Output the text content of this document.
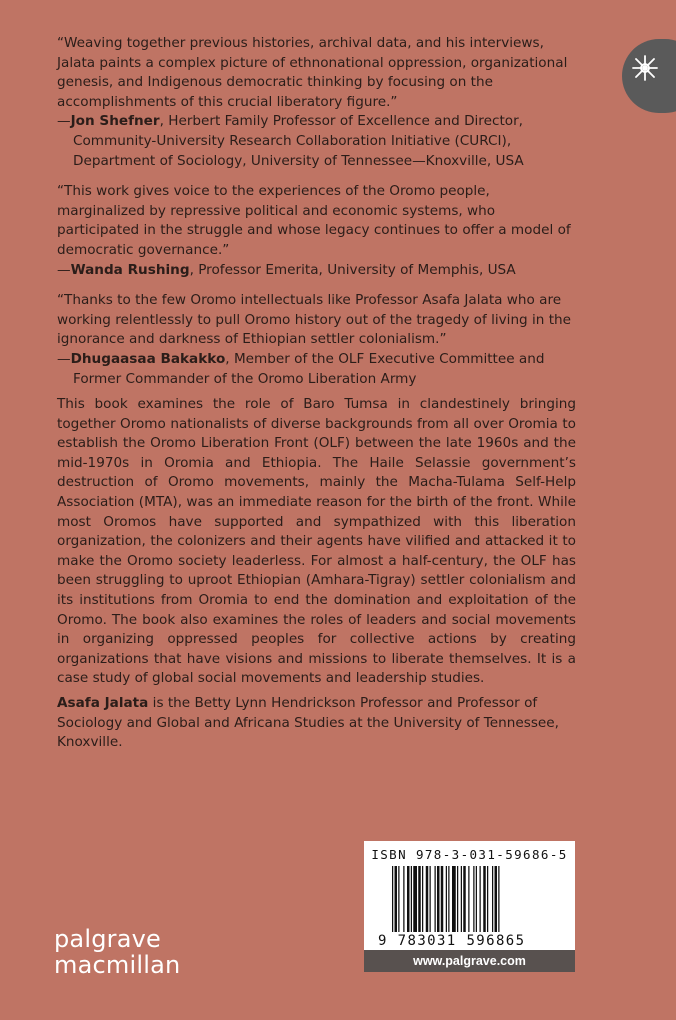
“Weaving together previous histories, archival data, and his interviews, Jalata paints a complex picture of ethnonational oppression, organizational genesis, and Indigenous democratic thinking by focusing on the accomplishments of this crucial liberatory figure.”
—Jon Shefner, Herbert Family Professor of Excellence and Director, Community-University Research Collaboration Initiative (CURCI), Department of Sociology, University of Tennessee—Knoxville, USA
“This work gives voice to the experiences of the Oromo people, marginalized by repressive political and economic systems, who participated in the struggle and whose legacy continues to offer a model of democratic governance.”
—Wanda Rushing, Professor Emerita, University of Memphis, USA
“Thanks to the few Oromo intellectuals like Professor Asafa Jalata who are working relentlessly to pull Oromo history out of the tragedy of living in the ignorance and darkness of Ethiopian settler colonialism.”
—Dhugaasaa Bakakko, Member of the OLF Executive Committee and Former Commander of the Oromo Liberation Army

This book examines the role of Baro Tumsa in clandestinely bringing together Oromo nationalists of diverse backgrounds from all over Oromia to establish the Oromo Liberation Front (OLF) between the late 1960s and the mid-1970s in Oromia and Ethiopia. The Haile Selassie government’s destruction of Oromo movements, mainly the Macha-Tulama Self-Help Association (MTA), was an immediate reason for the birth of the front. While most Oromos have supported and sympathized with this liberation organization, the colonizers and their agents have vilified and attacked it to make the Oromo society leaderless. For almost a half-century, the OLF has been struggling to uproot Ethiopian (Amhara-Tigray) settler colonialism and its institutions from Oromia to end the domination and exploitation of the Oromo. The book also examines the roles of leaders and social movements in organizing oppressed peoples for collective actions by creating organizations that have visions and missions to liberate themselves. It is a case study of global social movements and leadership studies.

Asafa Jalata is the Betty Lynn Hendrickson Professor and Professor of Sociology and Global and Africana Studies at the University of Tennessee, Knoxville.

ISBN 978-3-031-59686-5
9 783031 596865
www.palgrave.com
palgrave
macmillan
